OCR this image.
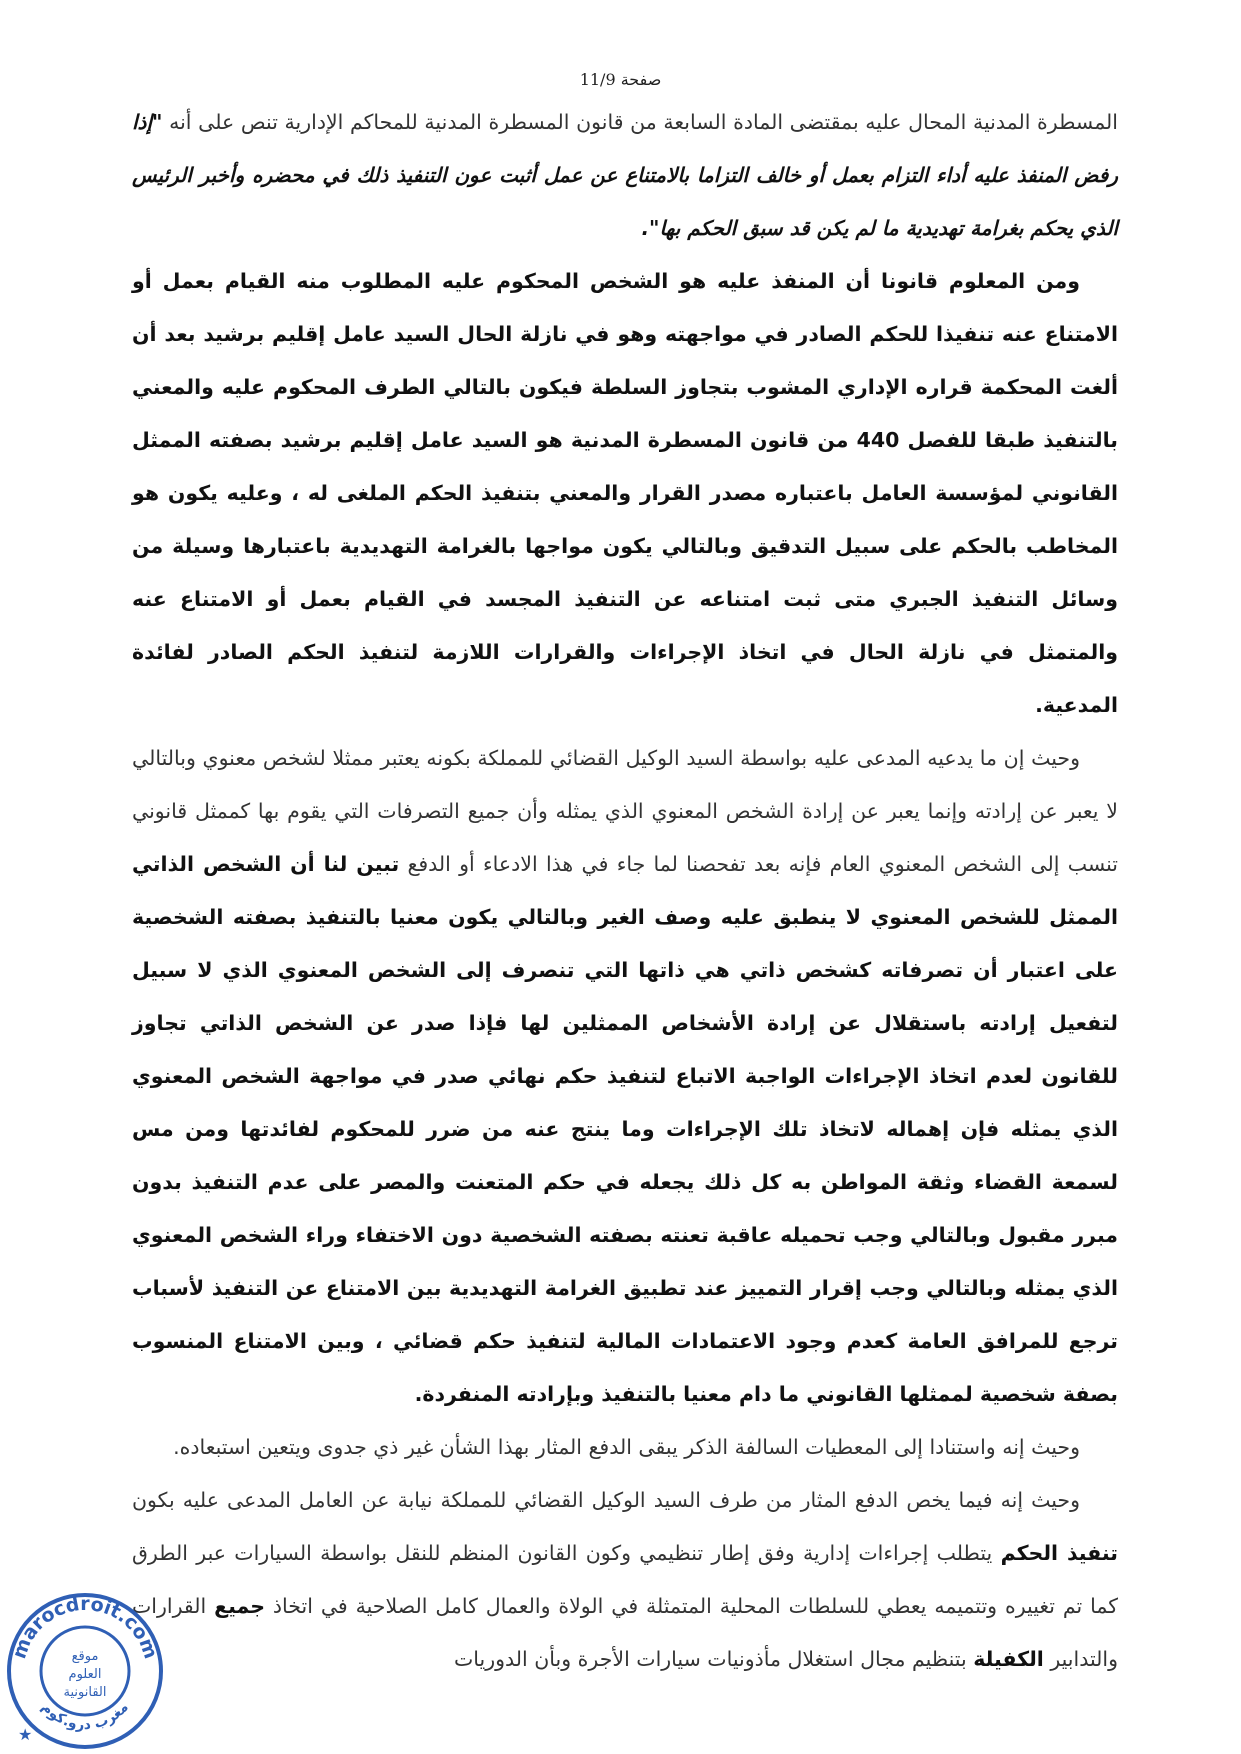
صفحة 11/9

المسطرة المدنية المحال عليه بمقتضى المادة السابعة من قانون المسطرة المدنية للمحاكم الإدارية تنص على أنه "إذا رفض المنفذ عليه أداء التزام بعمل أو خالف التزاما بالامتناع عن عمل أثبت عون التنفيذ ذلك في محضره وأخبر الرئيس الذي يحكم بغرامة تهديدية ما لم يكن قد سبق الحكم بها".

ومن المعلوم قانونا أن المنفذ عليه هو الشخص المحكوم عليه المطلوب منه القيام بعمل أو الامتناع عنه تنفيذا للحكم الصادر في مواجهته وهو في نازلة الحال السيد عامل إقليم برشيد بعد أن ألغت المحكمة قراره الإداري المشوب بتجاوز السلطة فيكون بالتالي الطرف المحكوم عليه والمعني بالتنفيذ طبقا للفصل 440 من قانون المسطرة المدنية هو السيد عامل إقليم برشيد بصفته الممثل القانوني لمؤسسة العامل باعتباره مصدر القرار والمعني بتنفيذ الحكم الملغى له ، وعليه يكون هو المخاطب بالحكم على سبيل التدقيق وبالتالي يكون مواجها بالغرامة التهديدية باعتبارها وسيلة من وسائل التنفيذ الجبري متى ثبت امتناعه عن التنفيذ المجسد في القيام بعمل أو الامتناع عنه والمتمثل في نازلة الحال في اتخاذ الإجراءات والقرارات اللازمة لتنفيذ الحكم الصادر لفائدة المدعية.

وحيث إن ما يدعيه المدعى عليه بواسطة السيد الوكيل القضائي للمملكة بكونه يعتبر ممثلا لشخص معنوي وبالتالي لا يعبر عن إرادته وإنما يعبر عن إرادة الشخص المعنوي الذي يمثله وأن جميع التصرفات التي يقوم بها كممثل قانوني تنسب إلى الشخص المعنوي العام فإنه بعد تفحصنا لما جاء في هذا الادعاء أو الدفع تبين لنا أن الشخص الذاتي الممثل للشخص المعنوي لا ينطبق عليه وصف الغير وبالتالي يكون معنيا بالتنفيذ بصفته الشخصية على اعتبار أن تصرفاته كشخص ذاتي هي ذاتها التي تنصرف إلى الشخص المعنوي الذي لا سبيل لتفعيل إرادته باستقلال عن إرادة الأشخاص الممثلين لها فإذا صدر عن الشخص الذاتي تجاوز للقانون لعدم اتخاذ الإجراءات الواجبة الاتباع لتنفيذ حكم نهائي صدر في مواجهة الشخص المعنوي الذي يمثله فإن إهماله لاتخاذ تلك الإجراءات وما ينتج عنه من ضرر للمحكوم لفائدتها ومن مس لسمعة القضاء وثقة المواطن به كل ذلك يجعله في حكم المتعنت والمصر على عدم التنفيذ بدون مبرر مقبول وبالتالي وجب تحميله عاقبة تعنته بصفته الشخصية دون الاختفاء وراء الشخص المعنوي الذي يمثله وبالتالي وجب إقرار التمييز عند تطبيق الغرامة التهديدية بين الامتناع عن التنفيذ لأسباب ترجع للمرافق العامة كعدم وجود الاعتمادات المالية لتنفيذ حكم قضائي ، وبين الامتناع المنسوب بصفة شخصية لممثلها القانوني ما دام معنيا بالتنفيذ وبإرادته المنفردة.

وحيث إنه واستنادا إلى المعطيات السالفة الذكر يبقى الدفع المثار بهذا الشأن غير ذي جدوى ويتعين استبعاده.

وحيث إنه فيما يخص الدفع المثار من طرف السيد الوكيل القضائي للمملكة نيابة عن العامل المدعى عليه بكون تنفيذ الحكم يتطلب إجراءات إدارية وفق إطار تنظيمي وكون القانون المنظم للنقل بواسطة السيارات عبر الطرق كما تم تغييره وتتميمه يعطي للسلطات المحلية المتمثلة في الولاة والعمال كامل الصلاحية في اتخاذ جميع القرارات والتدابير الكفيلة بتنظيم مجال استغلال مأذونيات سيارات الأجرة وبأن الدوريات

marocdroit.com
مغرب درو.كوم
موقع
العلوم
القانونية
★
